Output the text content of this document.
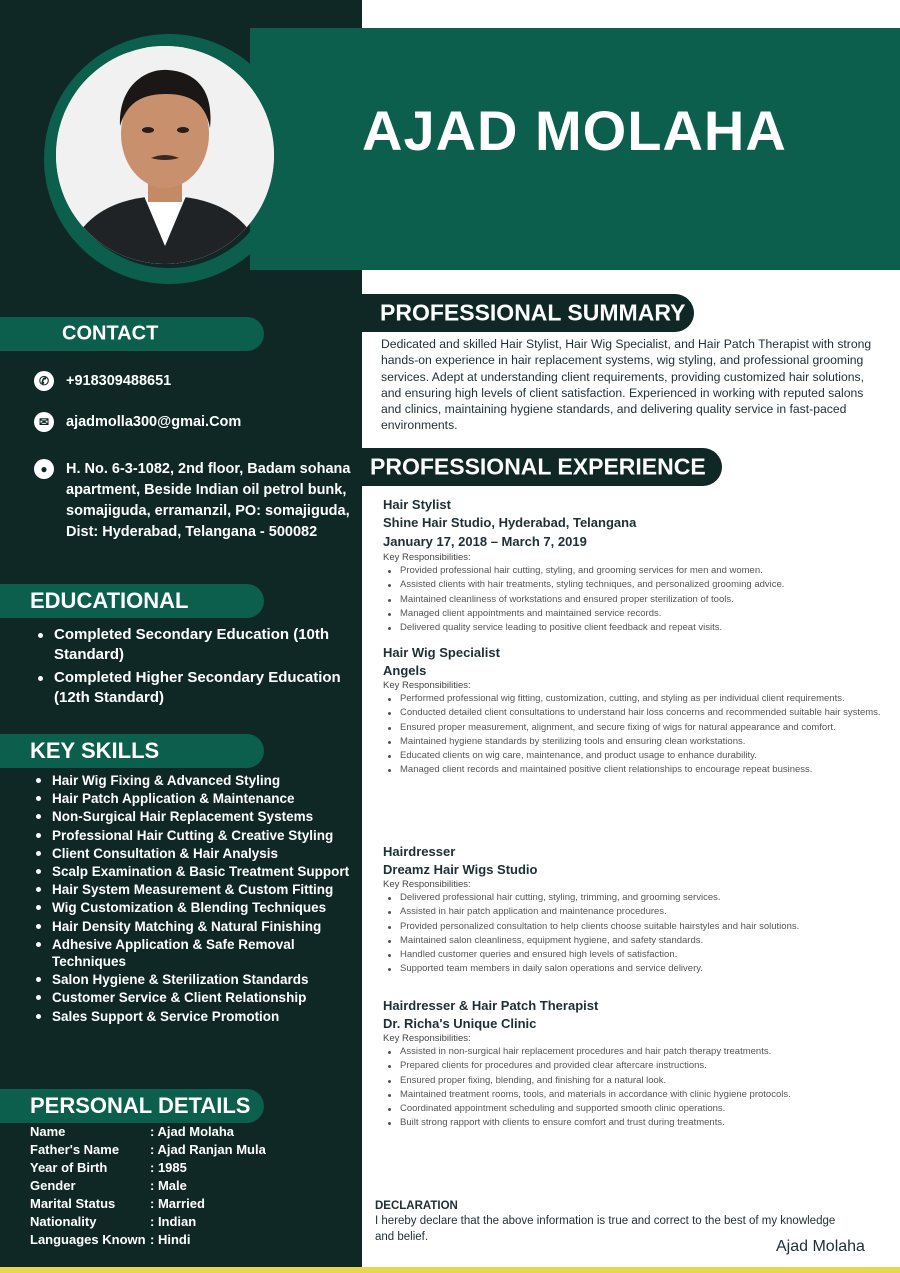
AJAD MOLAHA
CONTACT
✆	+918309488651
✉	ajadmolla300@gmai.Com
●	H. No. 6-3-1082, 2nd floor, Badam sohana apartment, Beside Indian oil petrol bunk, somajiguda, erramanzil, PO: somajiguda, Dist: Hyderabad, Telangana - 500082
EDUCATIONAL
Completed Secondary Education (10th Standard)
Completed Higher Secondary Education (12th Standard)
KEY SKILLS
Hair Wig Fixing & Advanced Styling
Hair Patch Application & Maintenance
Non-Surgical Hair Replacement Systems
Professional Hair Cutting & Creative Styling
Client Consultation & Hair Analysis
Scalp Examination & Basic Treatment Support
Hair System Measurement & Custom Fitting
Wig Customization & Blending Techniques
Hair Density Matching & Natural Finishing
Adhesive Application & Safe Removal Techniques
Salon Hygiene & Sterilization Standards
Customer Service & Client Relationship
Sales Support & Service Promotion
PERSONAL DETAILS
Name	: Ajad Molaha
Father's Name	: Ajad Ranjan Mula
Year of Birth	: 1985
Gender	: Male
Marital Status	: Married
Nationality	: Indian
Languages Known : Hindi
PROFESSIONAL SUMMARY
Dedicated and skilled Hair Stylist, Hair Wig Specialist, and Hair Patch Therapist with strong hands-on experience in hair replacement systems, wig styling, and professional grooming services. Adept at understanding client requirements, providing customized hair solutions, and ensuring high levels of client satisfaction. Experienced in working with reputed salons and clinics, maintaining hygiene standards, and delivering quality service in fast-paced environments.
PROFESSIONAL EXPERIENCE
Hair Stylist
Shine Hair Studio, Hyderabad, Telangana
January 17, 2018 – March 7, 2019
Key Responsibilities:
Provided professional hair cutting, styling, and grooming services for men and women.
Assisted clients with hair treatments, styling techniques, and personalized grooming advice.
Maintained cleanliness of workstations and ensured proper sterilization of tools.
Managed client appointments and maintained service records.
Delivered quality service leading to positive client feedback and repeat visits.
Hair Wig Specialist
Angels
Key Responsibilities:
Performed professional wig fitting, customization, cutting, and styling as per individual client requirements.
Conducted detailed client consultations to understand hair loss concerns and recommended suitable hair systems.
Ensured proper measurement, alignment, and secure fixing of wigs for natural appearance and comfort.
Maintained hygiene standards by sterilizing tools and ensuring clean workstations.
Educated clients on wig care, maintenance, and product usage to enhance durability.
Managed client records and maintained positive client relationships to encourage repeat business.
Hairdresser
Dreamz Hair Wigs Studio
Key Responsibilities:
Delivered professional hair cutting, styling, trimming, and grooming services.
Assisted in hair patch application and maintenance procedures.
Provided personalized consultation to help clients choose suitable hairstyles and hair solutions.
Maintained salon cleanliness, equipment hygiene, and safety standards.
Handled customer queries and ensured high levels of satisfaction.
Supported team members in daily salon operations and service delivery.
Hairdresser & Hair Patch Therapist
Dr. Richa's Unique Clinic
Key Responsibilities:
Assisted in non-surgical hair replacement procedures and hair patch therapy treatments.
Prepared clients for procedures and provided clear aftercare instructions.
Ensured proper fixing, blending, and finishing for a natural look.
Maintained treatment rooms, tools, and materials in accordance with clinic hygiene protocols.
Coordinated appointment scheduling and supported smooth clinic operations.
Built strong rapport with clients to ensure comfort and trust during treatments.
DECLARATION
I hereby declare that the above information is true and correct to the best of my knowledge and belief.
Ajad Molaha
